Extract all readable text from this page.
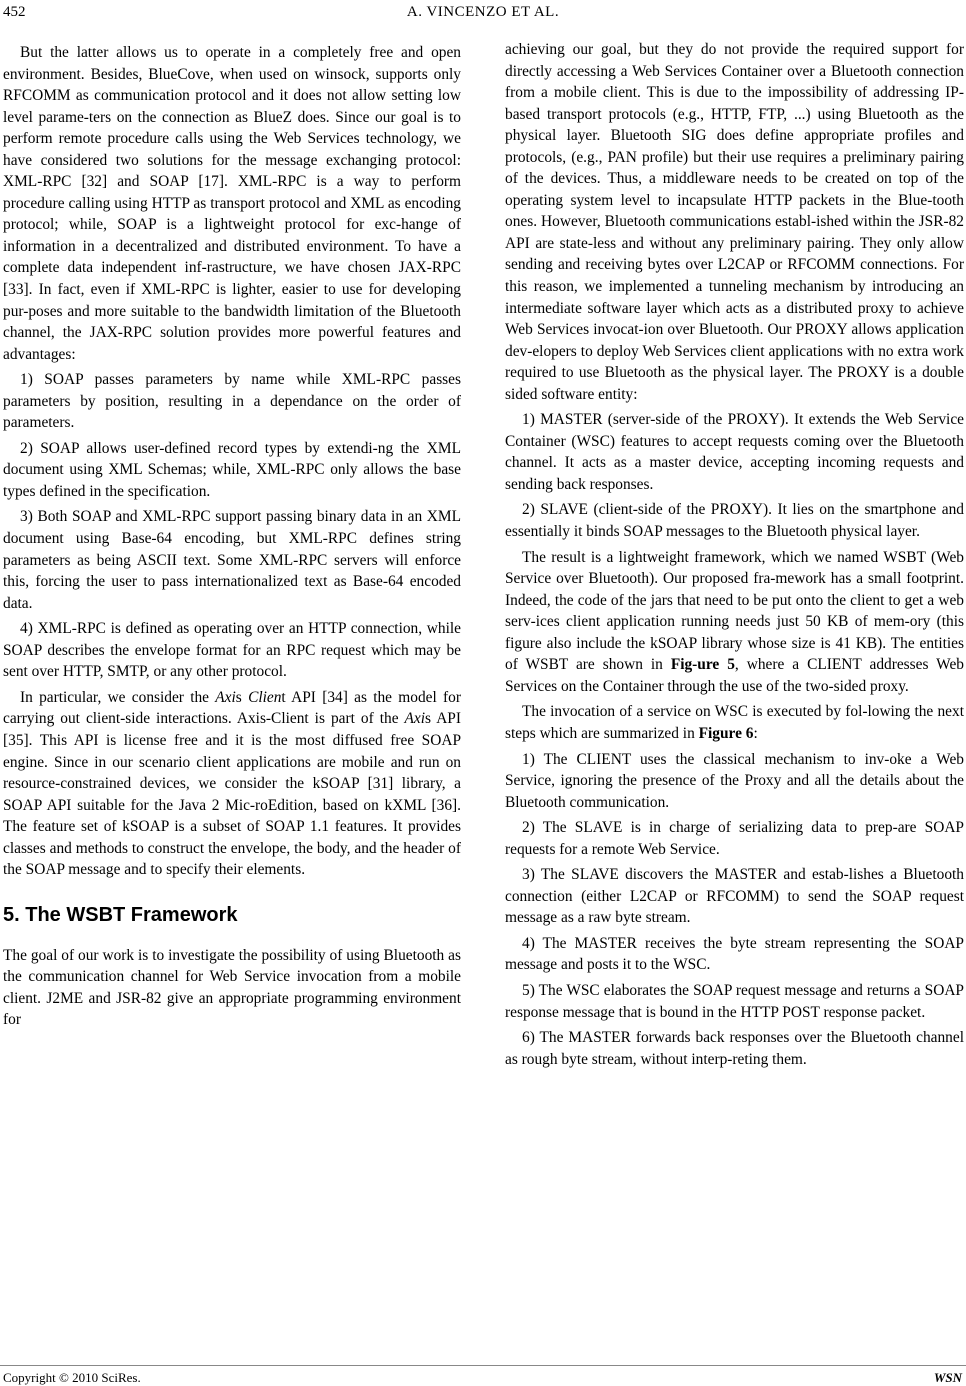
452	A. VINCENZO ET AL.

But the latter allows us to operate in a completely free and open environment. Besides, BlueCove, when used on winsock, supports only RFCOMM as communication protocol and it does not allow setting low level parame-ters on the connection as BlueZ does. Since our goal is to perform remote procedure calls using the Web Services technology, we have considered two solutions for the message exchanging protocol: XML-RPC [32] and SOAP [17]. XML-RPC is a way to perform procedure calling using HTTP as transport protocol and XML as encoding protocol; while, SOAP is a lightweight protocol for exc-hange of information in a decentralized and distributed environment. To have a complete data independent inf-rastructure, we have chosen JAX-RPC [33]. In fact, even if XML-RPC is lighter, easier to use for developing pur-poses and more suitable to the bandwidth limitation of the Bluetooth channel, the JAX-RPC solution provides more powerful features and advantages:

1) SOAP passes parameters by name while XML-RPC passes parameters by position, resulting in a dependance on the order of parameters.

2) SOAP allows user-defined record types by extendi-ng the XML document using XML Schemas; while, XML-RPC only allows the base types defined in the specification.

3) Both SOAP and XML-RPC support passing binary data in an XML document using Base-64 encoding, but XML-RPC defines string parameters as being ASCII text. Some XML-RPC servers will enforce this, forcing the user to pass internationalized text as Base-64 encoded data.

4) XML-RPC is defined as operating over an HTTP connection, while SOAP describes the envelope format for an RPC request which may be sent over HTTP, SMTP, or any other protocol.

In particular, we consider the Axis Client API [34] as the model for carrying out client-side interactions. Axis-Client is part of the Axis API [35]. This API is license free and it is the most diffused free SOAP engine. Since in our scenario client applications are mobile and run on resource-constrained devices, we consider the kSOAP [31] library, a SOAP API suitable for the Java 2 Mic-roEdition, based on kXML [36]. The feature set of kSOAP is a subset of SOAP 1.1 features. It provides classes and methods to construct the envelope, the body, and the header of the SOAP message and to specify their elements.

5. The WSBT Framework

The goal of our work is to investigate the possibility of using Bluetooth as the communication channel for Web Service invocation from a mobile client. J2ME and JSR-82 give an appropriate programming environment for

achieving our goal, but they do not provide the required support for directly accessing a Web Services Container over a Bluetooth connection from a mobile client. This is due to the impossibility of addressing IP-based transport protocols (e.g., HTTP, FTP, ...) using Bluetooth as the physical layer. Bluetooth SIG does define appropriate profiles and protocols, (e.g., PAN profile) but their use requires a preliminary pairing of the devices. Thus, a middleware needs to be created on top of the operating system level to incapsulate HTTP packets in the Blue-tooth ones. However, Bluetooth communications establ-ished within the JSR-82 API are state-less and without any preliminary pairing. They only allow sending and receiving bytes over L2CAP or RFCOMM connections. For this reason, we implemented a tunneling mechanism by introducing an intermediate software layer which acts as a distributed proxy to achieve Web Services invocat-ion over Bluetooth. Our PROXY allows application dev-elopers to deploy Web Services client applications with no extra work required to use Bluetooth as the physical layer. The PROXY is a double sided software entity:

1) MASTER (server-side of the PROXY). It extends the Web Service Container (WSC) features to accept requests coming over the Bluetooth channel. It acts as a master device, accepting incoming requests and sending back responses.

2) SLAVE (client-side of the PROXY). It lies on the smartphone and essentially it binds SOAP messages to the Bluetooth physical layer.

The result is a lightweight framework, which we named WSBT (Web Service over Bluetooth). Our proposed fra-mework has a small footprint. Indeed, the code of the jars that need to be put onto the client to get a web serv-ices client application running needs just 50 KB of mem-ory (this figure also include the kSOAP library whose size is 41 KB). The entities of WSBT are shown in Fig-ure 5, where a CLIENT addresses Web Services on the Container through the use of the two-sided proxy.

The invocation of a service on WSC is executed by fol-lowing the next steps which are summarized in Figure 6:

1) The CLIENT uses the classical mechanism to inv-oke a Web Service, ignoring the presence of the Proxy and all the details about the Bluetooth communication.

2) The SLAVE is in charge of serializing data to prep-are SOAP requests for a remote Web Service.

3) The SLAVE discovers the MASTER and estab-lishes a Bluetooth connection (either L2CAP or RFCOMM) to send the SOAP request message as a raw byte stream.

4) The MASTER receives the byte stream representing the SOAP message and posts it to the WSC.

5) The WSC elaborates the SOAP request message and returns a SOAP response message that is bound in the HTTP POST response packet.

6) The MASTER forwards back responses over the Bluetooth channel as rough byte stream, without interp-reting them.

Copyright © 2010 SciRes.	WSN
